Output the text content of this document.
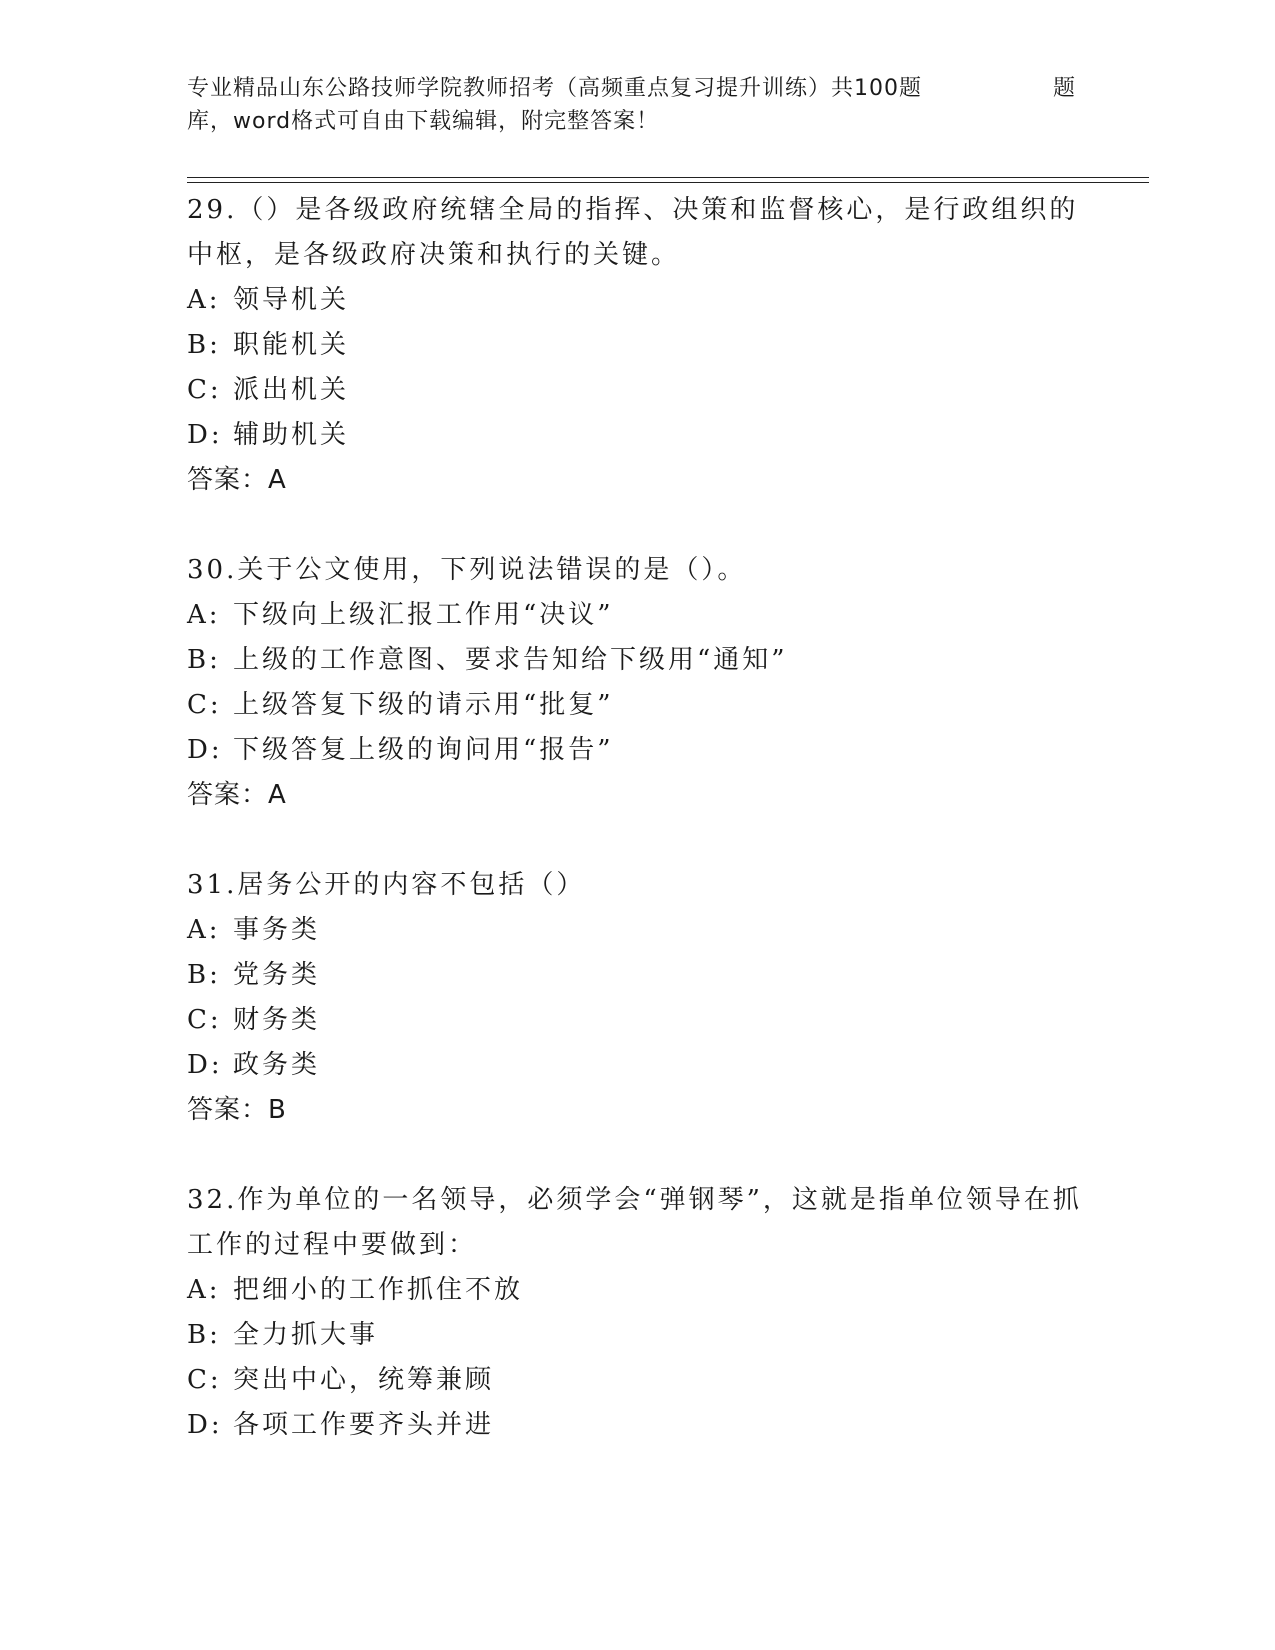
专业精品山东公路技师学院教师招考（高频重点复习提升训练）共100题	题
库，word格式可自由下载编辑，附完整答案！

29.（）是各级政府统辖全局的指挥、决策和监督核心，是行政组织的中枢，是各级政府决策和执行的关键。

A: 领导机关

B: 职能机关

C: 派出机关

D: 辅助机关

答案：A

30.关于公文使用，下列说法错误的是（）。

A: 下级向上级汇报工作用“决议”

B: 上级的工作意图、要求告知给下级用“通知”

C: 上级答复下级的请示用“批复”

D: 下级答复上级的询问用“报告”

答案：A

31.居务公开的内容不包括（）

A: 事务类

B: 党务类

C: 财务类

D: 政务类

答案：B

32.作为单位的一名领导，必须学会“弹钢琴”，这就是指单位领导在抓工作的过程中要做到：

A: 把细小的工作抓住不放

B: 全力抓大事

C: 突出中心，统筹兼顾

D: 各项工作要齐头并进
